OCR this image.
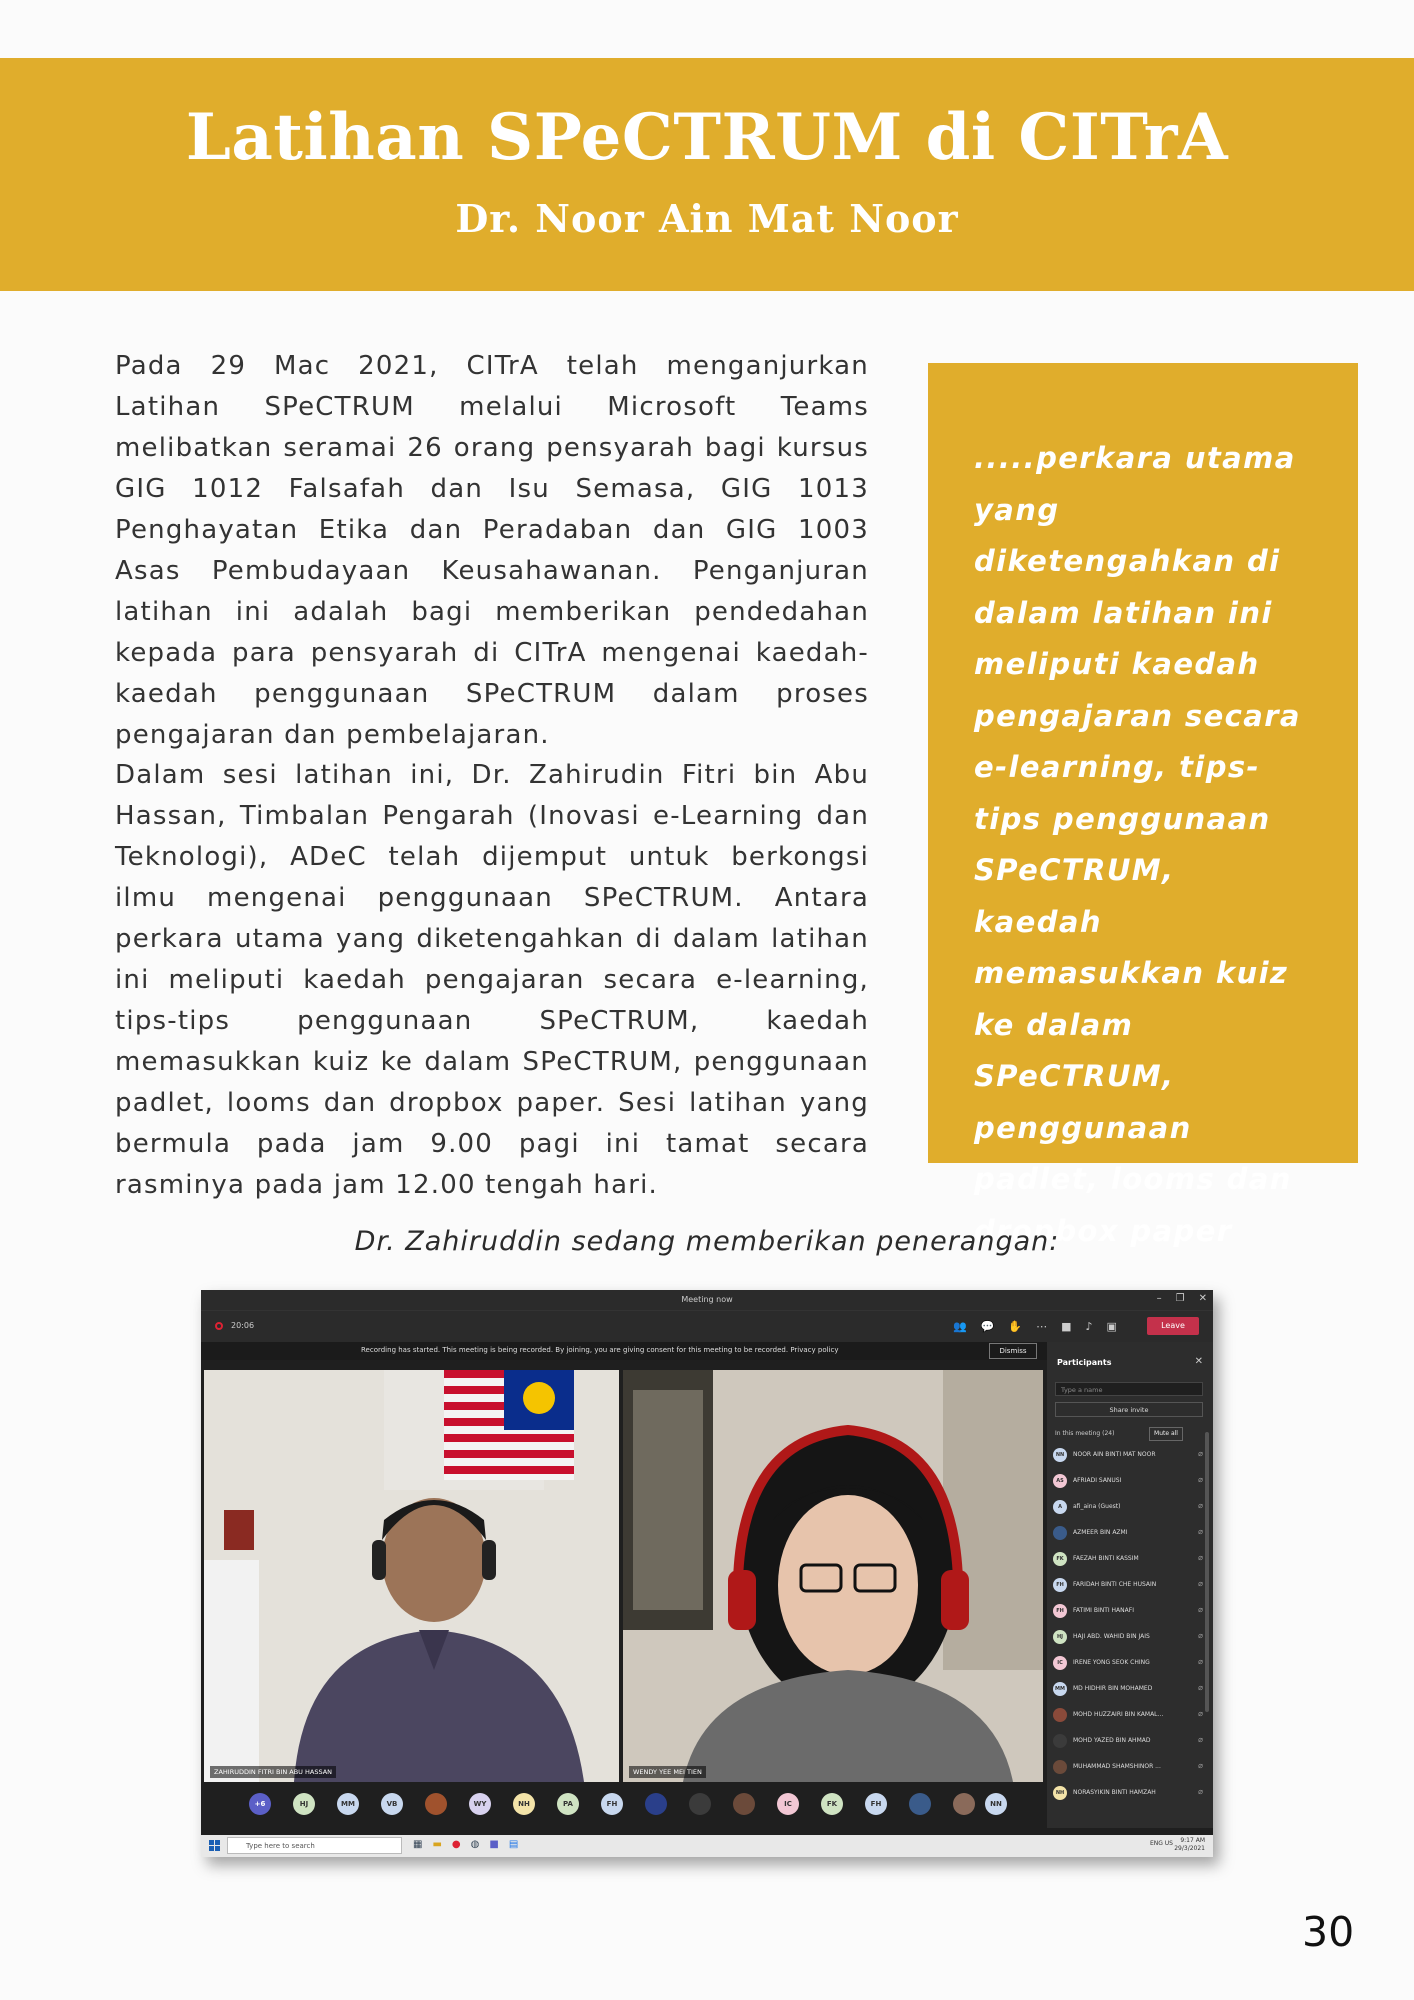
Latihan SPeCTRUM di CITrA
Dr. Noor Ain Mat Noor

Pada 29 Mac 2021, CITrA telah menganjurkan Latihan SPeCTRUM melalui Microsoft Teams melibatkan seramai 26 orang pensyarah bagi kursus GIG 1012 Falsafah dan Isu Semasa, GIG 1013 Penghayatan Etika dan Peradaban dan GIG 1003 Asas Pembudayaan Keusahawanan. Penganjuran latihan ini adalah bagi memberikan pendedahan kepada para pensyarah di CITrA mengenai kaedah-kaedah penggunaan SPeCTRUM dalam proses pengajaran dan pembelajaran.

Dalam sesi latihan ini, Dr. Zahirudin Fitri bin Abu Hassan, Timbalan Pengarah (Inovasi e-Learning dan Teknologi), ADeC telah dijemput untuk berkongsi ilmu mengenai penggunaan SPeCTRUM. Antara perkara utama yang diketengahkan di dalam latihan ini meliputi kaedah pengajaran secara e-learning, tips-tips penggunaan SPeCTRUM, kaedah memasukkan kuiz ke dalam SPeCTRUM, penggunaan padlet, looms dan dropbox paper. Sesi latihan yang bermula pada jam 9.00 pagi ini tamat secara rasminya pada jam 12.00 tengah hari.

.....perkara utama yang diketengahkan di dalam latihan ini meliputi kaedah pengajaran secara e-learning, tips-tips penggunaan SPeCTRUM, kaedah memasukkan kuiz ke dalam SPeCTRUM, penggunaan padlet, looms dan dropbox paper

Dr. Zahiruddin sedang memberikan penerangan:

Meeting now	– ❐ ✕
20:06	👥 💬 ✋ ⋯ ■ ♪ ▣	Leave
Recording has started. This meeting is being recorded. By joining, you are giving consent for this meeting to be recorded. Privacy policy	Dismiss
ZAHIRUDDIN FITRI BIN ABU HASSAN	WENDY YEE MEI TIEN
+6	HJ	MM	VB	WY	NH	PA	FH	IC	FK	FH	NN
Participants	✕
Type a name
Share invite
In this meeting (24)	Mute all
NN	NOOR AIN BINTI MAT NOOR	⌀
AS	AFRIADI SANUSI	⌀
A	afi_aina (Guest)	⌀
AZMEER BIN AZMI	⌀
FK	FAEZAH BINTI KASSIM	⌀
FH	FARIDAH BINTI CHE HUSAIN	⌀
FH	FATIMI BINTI HANAFI	⌀
HJ	HAJI ABD. WAHID BIN JAIS	⌀
IC	IRENE YONG SEOK CHING	⌀
MM	MD HIDHIR BIN MOHAMED	⌀
MOHD HUZZAIRI BIN KAMAL...	⌀
MOHD YAZED BIN AHMAD	⌀
MUHAMMAD SHAMSHINOR ...	⌀
NH	NORASYIKIN BINTI HAMZAH	⌀
Type here to search	▦ ▬ ● ◍ ■ ▤	ENG US	9:17 AM
29/3/2021
30
